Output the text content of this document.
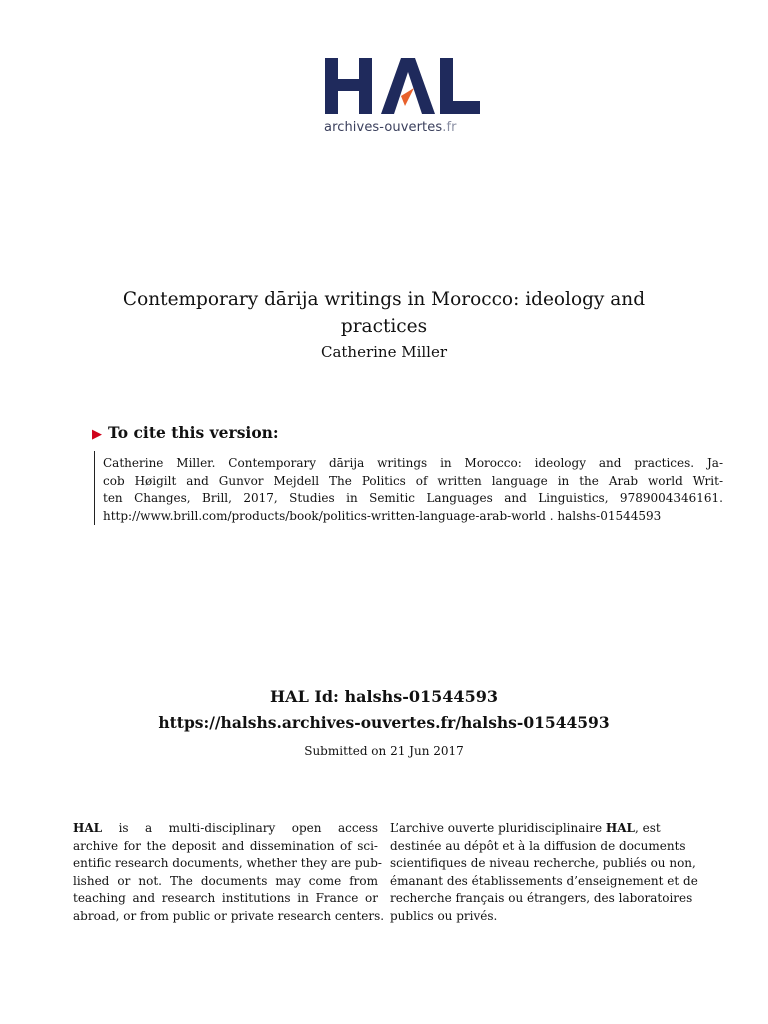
archives-ouvertes.fr
Contemporary dārija writings in Morocco: ideology and
practices
Catherine Miller
▶ To cite this version:
Catherine Miller. Contemporary dārija writings in Morocco: ideology and practices. Ja-
cob Høigilt and Gunvor Mejdell The Politics of written language in the Arab world Writ-
ten Changes, Brill, 2017, Studies in Semitic Languages and Linguistics, 9789004346161.
http://www.brill.com/products/book/politics-written-language-arab-world . halshs-01544593
HAL Id: halshs-01544593
https://halshs.archives-ouvertes.fr/halshs-01544593
Submitted on 21 Jun 2017
HAL is a multi-disciplinary open access
archive for the deposit and dissemination of sci-
entific research documents, whether they are pub-
lished or not. The documents may come from
teaching and research institutions in France or
abroad, or from public or private research centers.
L’archive ouverte pluridisciplinaire HAL, est
destinée au dépôt et à la diffusion de documents
scientifiques de niveau recherche, publiés ou non,
émanant des établissements d’enseignement et de
recherche français ou étrangers, des laboratoires
publics ou privés.
